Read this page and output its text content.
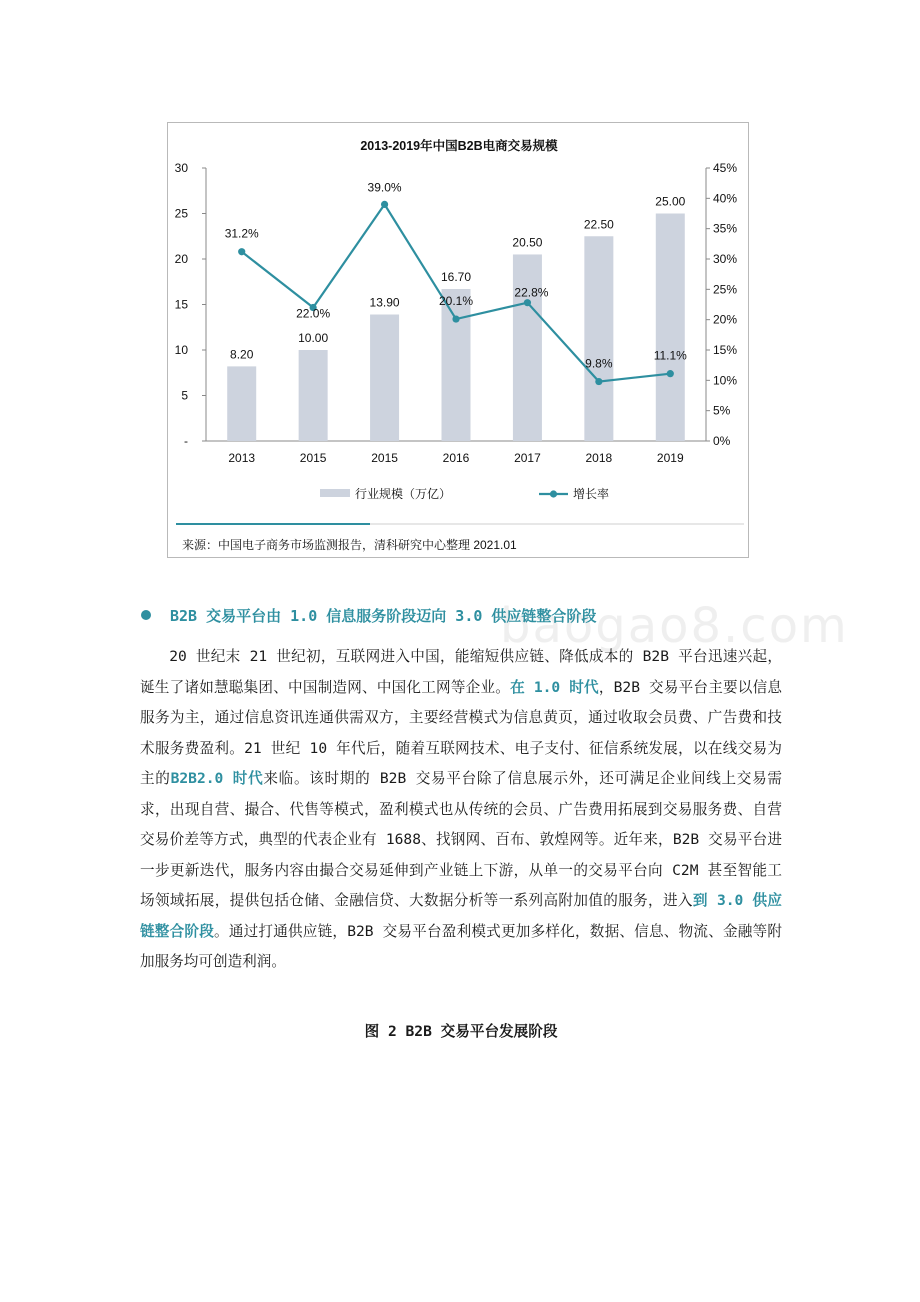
2013-2019年中国B2B电商交易规模
-
5
10
15
20
25
30
0%
5%
10%
15%
20%
25%
30%
35%
40%
45%
8.20
10.00
13.90
16.70
20.50
22.50
25.00
2013	2015	2015	2016	2017	2018	2019
31.2%
22.0%
39.0%
20.1%
22.8%
9.8%
11.1%
行业规模（万亿）	增长率
来源：中国电子商务市场监测报告，清科研究中心整理 2021.01
baogao8.com
B2B 交易平台由 1.0 信息服务阶段迈向 3.0 供应链整合阶段

20 世纪末 21 世纪初，互联网进入中国，能缩短供应链、降低成本的 B2B 平台迅速兴起，诞生了诸如慧聪集团、中国制造网、中国化工网等企业。在 1.0 时代，B2B 交易平台主要以信息服务为主，通过信息资讯连通供需双方，主要经营模式为信息黄页，通过收取会员费、广告费和技术服务费盈利。21 世纪 10 年代后，随着互联网技术、电子支付、征信系统发展，以在线交易为主的B2B2.0 时代来临。该时期的 B2B 交易平台除了信息展示外，还可满足企业间线上交易需求，出现自营、撮合、代售等模式，盈利模式也从传统的会员、广告费用拓展到交易服务费、自营交易价差等方式，典型的代表企业有 1688、找钢网、百布、敦煌网等。近年来，B2B 交易平台进一步更新迭代，服务内容由撮合交易延伸到产业链上下游，从单一的交易平台向 C2M 甚至智能工场领域拓展，提供包括仓储、金融信贷、大数据分析等一系列高附加值的服务，进入到 3.0 供应链整合阶段。通过打通供应链，B2B 交易平台盈利模式更加多样化，数据、信息、物流、金融等附加服务均可创造利润。

图 2 B2B 交易平台发展阶段
